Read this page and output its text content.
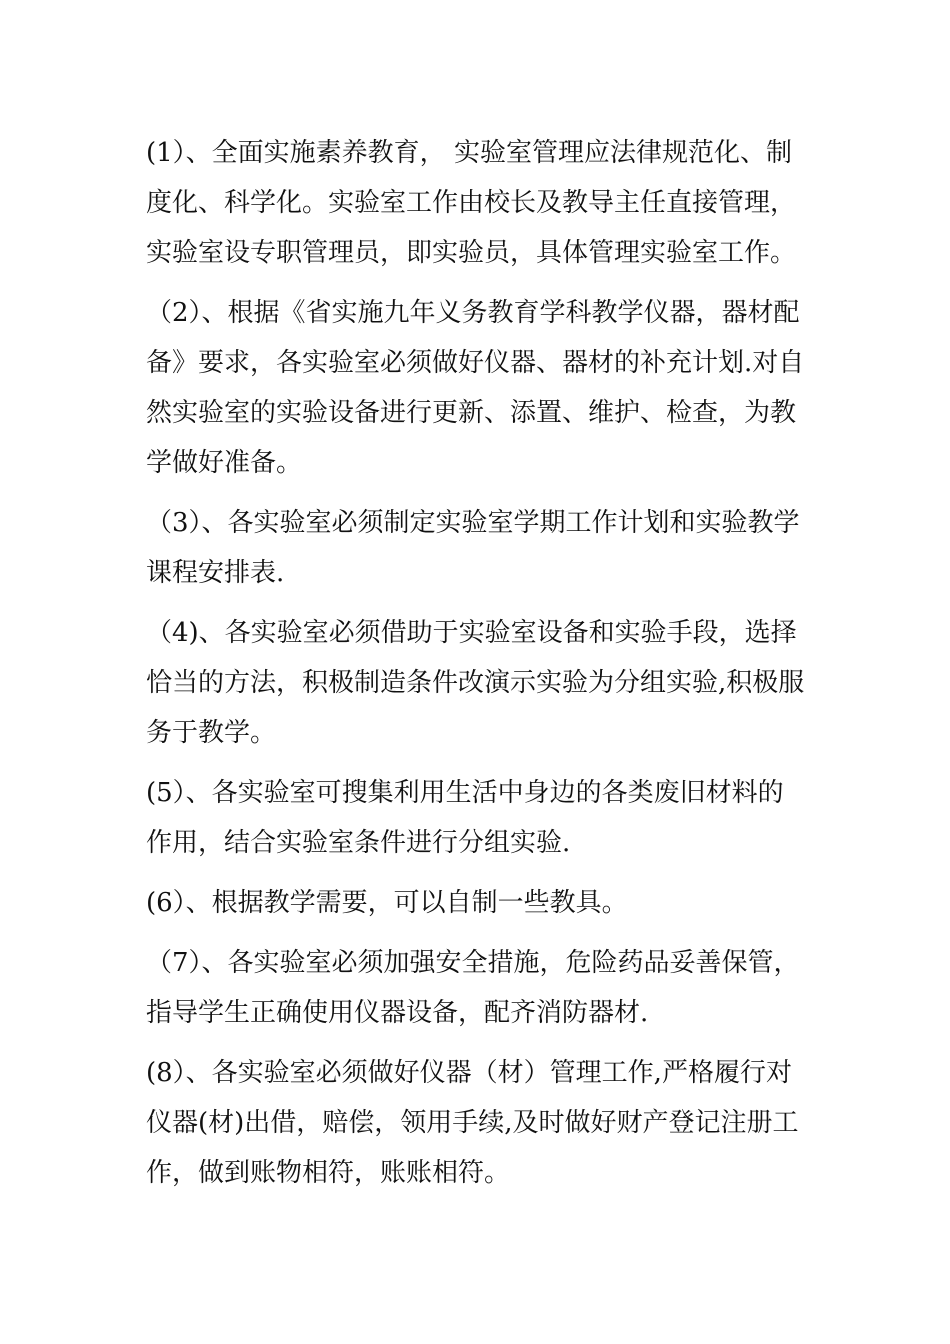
(1）、全面实施素养教育， 实验室管理应法律规范化、制
度化、科学化。实验室工作由校长及教导主任直接管理，
实验室设专职管理员，即实验员，具体管理实验室工作。

（2）、根据《省实施九年义务教育学科教学仪器，器材配
备》要求，各实验室必须做好仪器、器材的补充计划.对自
然实验室的实验设备进行更新、添置、维护、检查，为教
学做好准备。

（3）、各实验室必须制定实验室学期工作计划和实验教学
课程安排表.

（4)、各实验室必须借助于实验室设备和实验手段，选择
恰当的方法，积极制造条件改演示实验为分组实验,积极服
务于教学。

(5）、各实验室可搜集利用生活中身边的各类废旧材料的
作用，结合实验室条件进行分组实验.

(6）、根据教学需要，可以自制一些教具。

（7）、各实验室必须加强安全措施，危险药品妥善保管，
指导学生正确使用仪器设备，配齐消防器材.

(8）、各实验室必须做好仪器（材）管理工作,严格履行对
仪器(材)出借，赔偿，领用手续,及时做好财产登记注册工
作，做到账物相符，账账相符。
